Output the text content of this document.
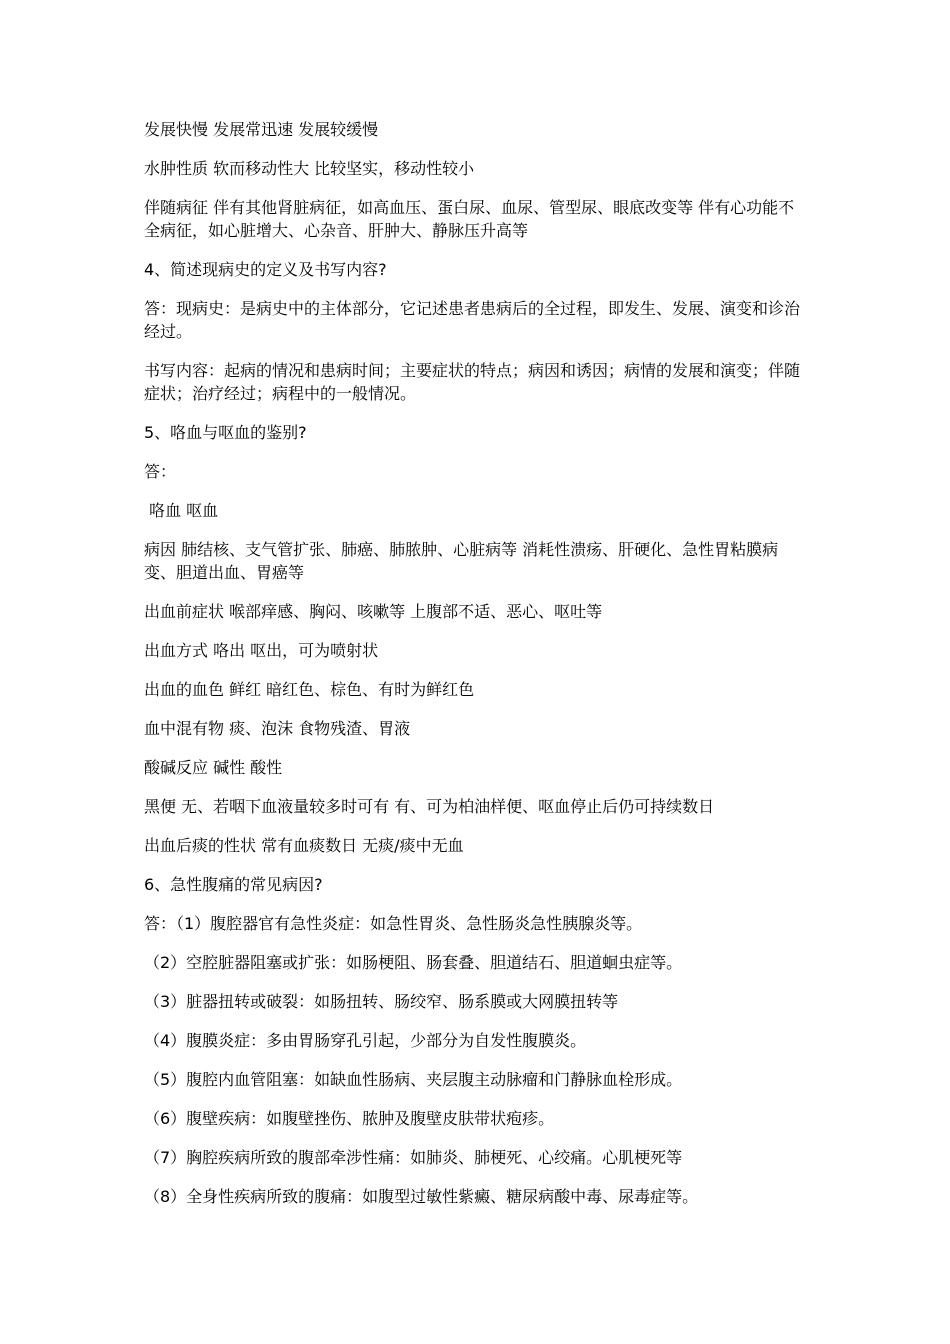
发展快慢 发展常迅速 发展较缓慢

水肿性质 软而移动性大 比较坚实，移动性较小

伴随病征 伴有其他肾脏病征，如高血压、蛋白尿、血尿、管型尿、眼底改变等 伴有心功能不全病征，如心脏增大、心杂音、肝肿大、静脉压升高等

4、简述现病史的定义及书写内容?

答：现病史：是病史中的主体部分，它记述患者患病后的全过程，即发生、发展、演变和诊治经过。

书写内容：起病的情况和患病时间；主要症状的特点；病因和诱因；病情的发展和演变；伴随症状；治疗经过；病程中的一般情况。

5、咯血与呕血的鉴别?

答：

咯血 呕血

病因 肺结核、支气管扩张、肺癌、肺脓肿、心脏病等 消耗性溃疡、肝硬化、急性胃粘膜病变、胆道出血、胃癌等

出血前症状 喉部痒感、胸闷、咳嗽等 上腹部不适、恶心、呕吐等

出血方式 咯出 呕出，可为喷射状

出血的血色 鲜红 暗红色、棕色、有时为鲜红色

血中混有物 痰、泡沫 食物残渣、胃液

酸碱反应 碱性 酸性

黑便 无、若咽下血液量较多时可有 有、可为柏油样便、呕血停止后仍可持续数日

出血后痰的性状 常有血痰数日 无痰/痰中无血

6、急性腹痛的常见病因?

答：（1）腹腔器官有急性炎症：如急性胃炎、急性肠炎急性胰腺炎等。

（2）空腔脏器阻塞或扩张：如肠梗阻、肠套叠、胆道结石、胆道蛔虫症等。

（3）脏器扭转或破裂：如肠扭转、肠绞窄、肠系膜或大网膜扭转等

（4）腹膜炎症：多由胃肠穿孔引起，少部分为自发性腹膜炎。

（5）腹腔内血管阻塞：如缺血性肠病、夹层腹主动脉瘤和门静脉血栓形成。

（6）腹壁疾病：如腹壁挫伤、脓肿及腹壁皮肤带状疱疹。

（7）胸腔疾病所致的腹部牵涉性痛：如肺炎、肺梗死、心绞痛。心肌梗死等

（8）全身性疾病所致的腹痛：如腹型过敏性紫癜、糖尿病酸中毒、尿毒症等。
